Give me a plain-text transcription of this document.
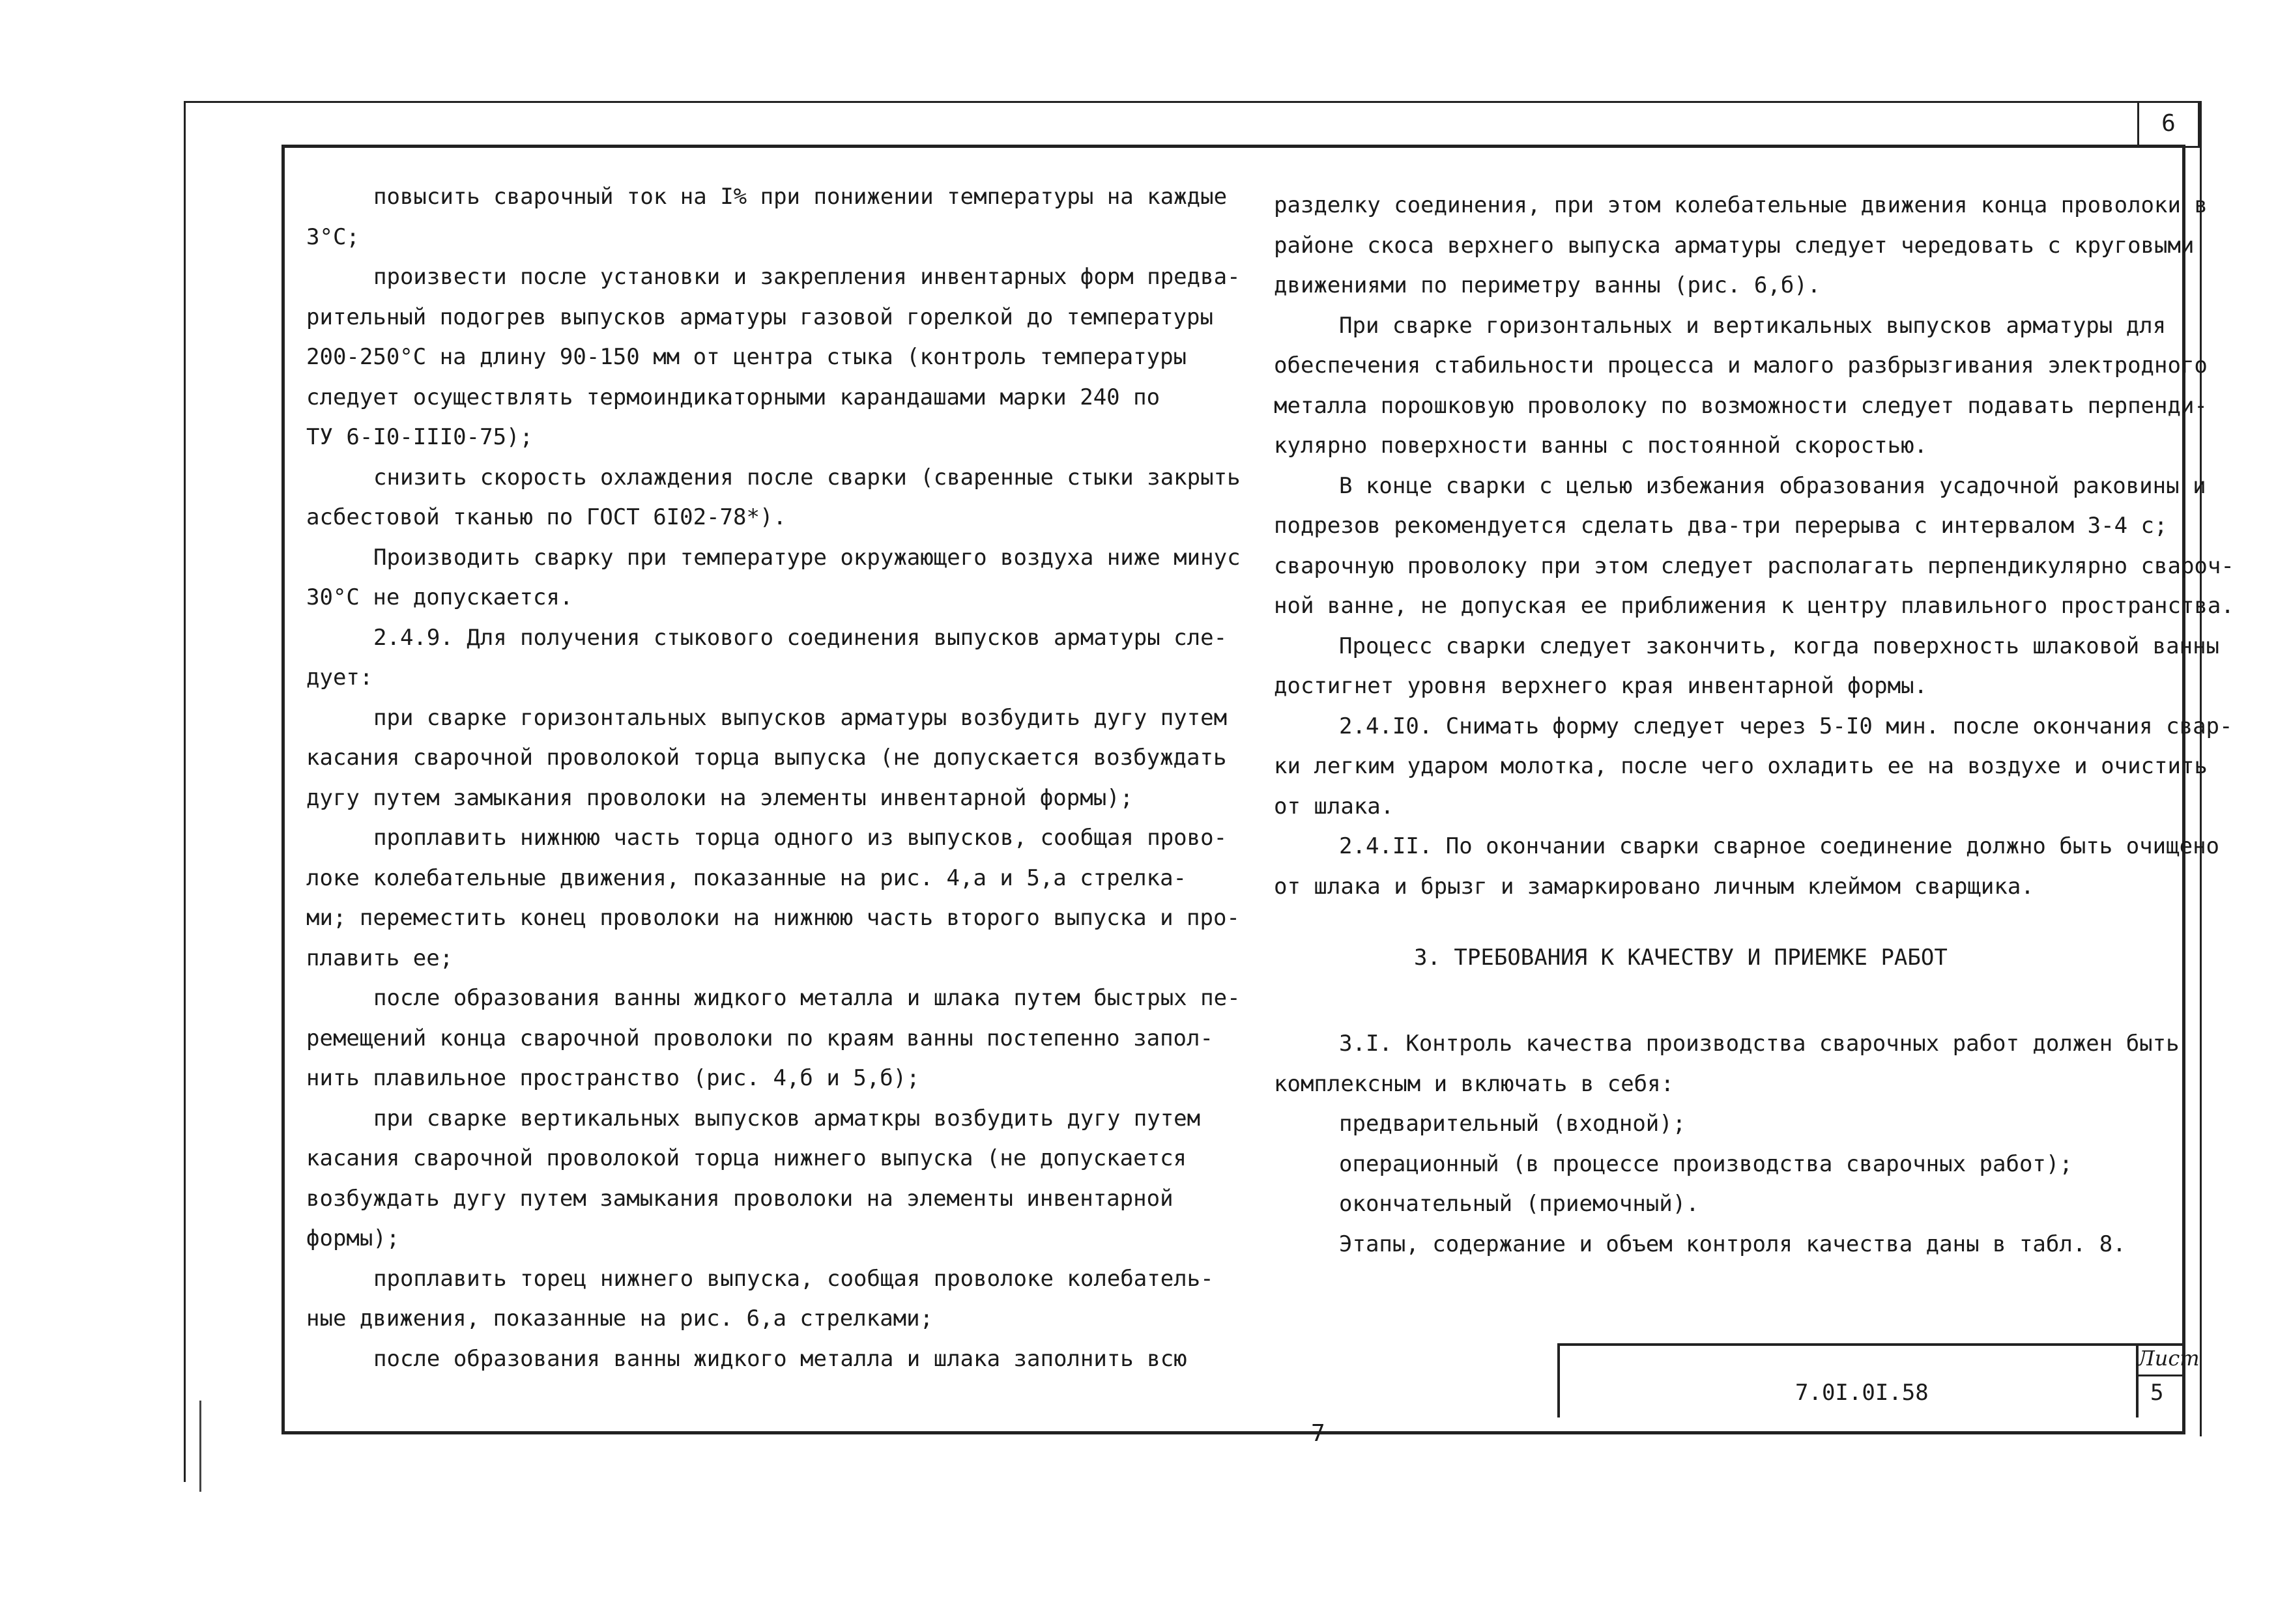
6

повысить сварочный ток на I% при понижении температуры на каждые

3°С;

произвести после установки и закрепления инвентарных форм предва-

рительный подогрев выпусков арматуры газовой горелкой до температуры

200-250°С на длину 90-150 мм от центра стыка (контроль температуры

следует осуществлять термоиндикаторными карандашами марки 240 по

ТУ 6-I0-III0-75);

снизить скорость охлаждения после сварки (сваренные стыки закрыть

асбестовой тканью по ГОСТ 6I02-78*).

Производить сварку при температуре окружающего воздуха ниже минус

30°С не допускается.

2.4.9. Для получения стыкового соединения выпусков арматуры сле-

дует:

при сварке горизонтальных выпусков арматуры возбудить дугу путем

касания сварочной проволокой торца выпуска (не допускается возбуждать

дугу путем замыкания проволоки на элементы инвентарной формы);

проплавить нижнюю часть торца одного из выпусков, сообщая прово-

локе колебательные движения, показанные на рис. 4,а и 5,а стрелка-

ми; переместить конец проволоки на нижнюю часть второго выпуска и про-

плавить ее;

после образования ванны жидкого металла и шлака путем быстрых пе-

ремещений конца сварочной проволоки по краям ванны постепенно запол-

нить плавильное пространство (рис. 4,б и 5,б);

при сварке вертикальных выпусков арматкры возбудить дугу путем

касания сварочной проволокой торца нижнего выпуска (не допускается

возбуждать дугу путем замыкания проволоки на элементы инвентарной

формы);

проплавить торец нижнего выпуска, сообщая проволоке колебатель-

ные движения, показанные на рис. 6,а стрелками;

после образования ванны жидкого металла и шлака заполнить всю

разделку соединения, при этом колебательные движения конца проволоки в

районе скоса верхнего выпуска арматуры следует чередовать с круговыми

движениями по периметру ванны (рис. 6,б).

При сварке горизонтальных и вертикальных выпусков арматуры для

обеспечения стабильности процесса и малого разбрызгивания электродного

металла порошковую проволоку по возможности следует подавать перпенди-

кулярно поверхности ванны с постоянной скоростью.

В конце сварки с целью избежания образования усадочной раковины и

подрезов рекомендуется сделать два-три перерыва с интервалом 3-4 с;

сварочную проволоку при этом следует располагать перпендикулярно свароч-

ной ванне, не допуская ее приближения к центру плавильного пространства.

Процесс сварки следует закончить, когда поверхность шлаковой ванны

достигнет уровня верхнего края инвентарной формы.

2.4.I0. Снимать форму следует через 5-I0 мин. после окончания свар-

ки легким ударом молотка, после чего охладить ее на воздухе и очистить

от шлака.

2.4.II. По окончании сварки сварное соединение должно быть очищено

от шлака и брызг и замаркировано личным клеймом сварщика.

3. ТРЕБОВАНИЯ К КАЧЕСТВУ И ПРИЕМКЕ РАБОТ

3.I. Контроль качества производства сварочных работ должен быть

комплексным и включать в себя:

предварительный (входной);

операционный (в процессе производства сварочных работ);

окончательный (приемочный).

Этапы, содержание и объем контроля качества даны в табл. 8.

7.0I.0I.58
Лист
5
7
